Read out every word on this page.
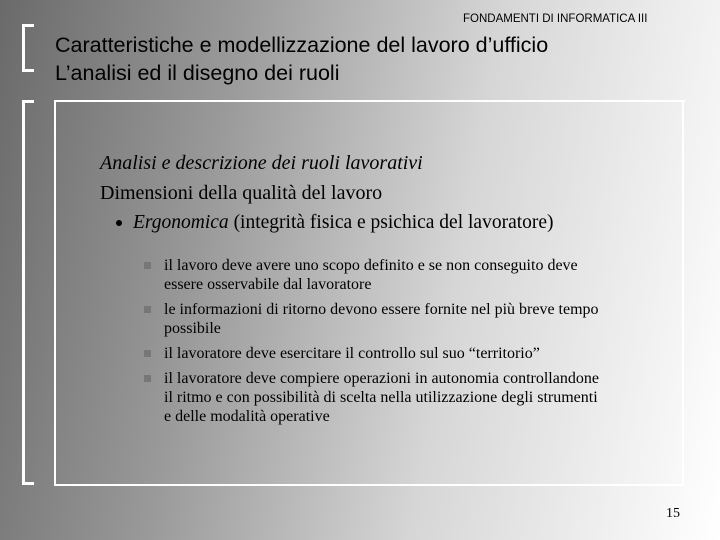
FONDAMENTI DI INFORMATICA III
Caratteristiche e modellizzazione del lavoro d’ufficio
L’analisi ed il disegno dei ruoli
Analisi e descrizione dei ruoli lavorativi
Dimensioni della qualità del lavoro
Ergonomica (integrità fisica e psichica del lavoratore)
il lavoro deve avere uno scopo definito e se non conseguito deve essere osservabile dal lavoratore
le informazioni di ritorno devono essere fornite nel più breve tempo possibile
il lavoratore deve esercitare il controllo sul suo “territorio”
il lavoratore deve compiere operazioni in autonomia controllandone il ritmo e con possibilità di scelta nella utilizzazione degli strumenti e delle modalità operative
15
